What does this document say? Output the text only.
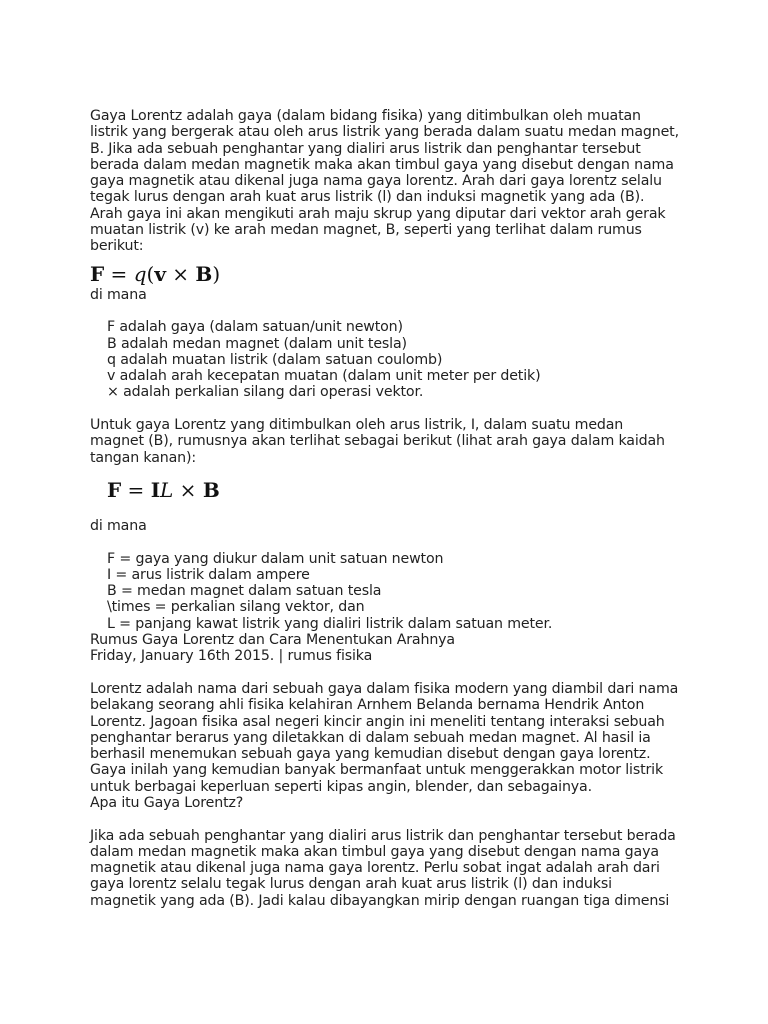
Gaya Lorentz adalah gaya (dalam bidang fisika) yang ditimbulkan oleh muatan
listrik yang bergerak atau oleh arus listrik yang berada dalam suatu medan magnet,
B. Jika ada sebuah penghantar yang dialiri arus listrik dan penghantar tersebut
berada dalam medan magnetik maka akan timbul gaya yang disebut dengan nama
gaya magnetik atau dikenal juga nama gaya lorentz. Arah dari gaya lorentz selalu
tegak lurus dengan arah kuat arus listrik (l) dan induksi magnetik yang ada (B).
Arah gaya ini akan mengikuti arah maju skrup yang diputar dari vektor arah gerak
muatan listrik (v) ke arah medan magnet, B, seperti yang terlihat dalam rumus
berikut:
F = q(v × B)
di mana
F adalah gaya (dalam satuan/unit newton)
B adalah medan magnet (dalam unit tesla)
q adalah muatan listrik (dalam satuan coulomb)
v adalah arah kecepatan muatan (dalam unit meter per detik)
× adalah perkalian silang dari operasi vektor.
Untuk gaya Lorentz yang ditimbulkan oleh arus listrik, I, dalam suatu medan
magnet (B), rumusnya akan terlihat sebagai berikut (lihat arah gaya dalam kaidah
tangan kanan):
F = IL × B
di mana
F = gaya yang diukur dalam unit satuan newton
I = arus listrik dalam ampere
B = medan magnet dalam satuan tesla
\times = perkalian silang vektor, dan
L = panjang kawat listrik yang dialiri listrik dalam satuan meter.
Rumus Gaya Lorentz dan Cara Menentukan Arahnya
Friday, January 16th 2015. | rumus fisika
Lorentz adalah nama dari sebuah gaya dalam fisika modern yang diambil dari nama
belakang seorang ahli fisika kelahiran Arnhem Belanda bernama Hendrik Anton
Lorentz. Jagoan fisika asal negeri kincir angin ini meneliti tentang interaksi sebuah
penghantar berarus yang diletakkan di dalam sebuah medan magnet. Al hasil ia
berhasil menemukan sebuah gaya yang kemudian disebut dengan gaya lorentz.
Gaya inilah yang kemudian banyak bermanfaat untuk menggerakkan motor listrik
untuk berbagai keperluan seperti kipas angin, blender, dan sebagainya.
Apa itu Gaya Lorentz?
Jika ada sebuah penghantar yang dialiri arus listrik dan penghantar tersebut berada
dalam medan magnetik maka akan timbul gaya yang disebut dengan nama gaya
magnetik atau dikenal juga nama gaya lorentz. Perlu sobat ingat adalah arah dari
gaya lorentz selalu tegak lurus dengan arah kuat arus listrik (l) dan induksi
magnetik yang ada (B). Jadi kalau dibayangkan mirip dengan ruangan tiga dimensi
